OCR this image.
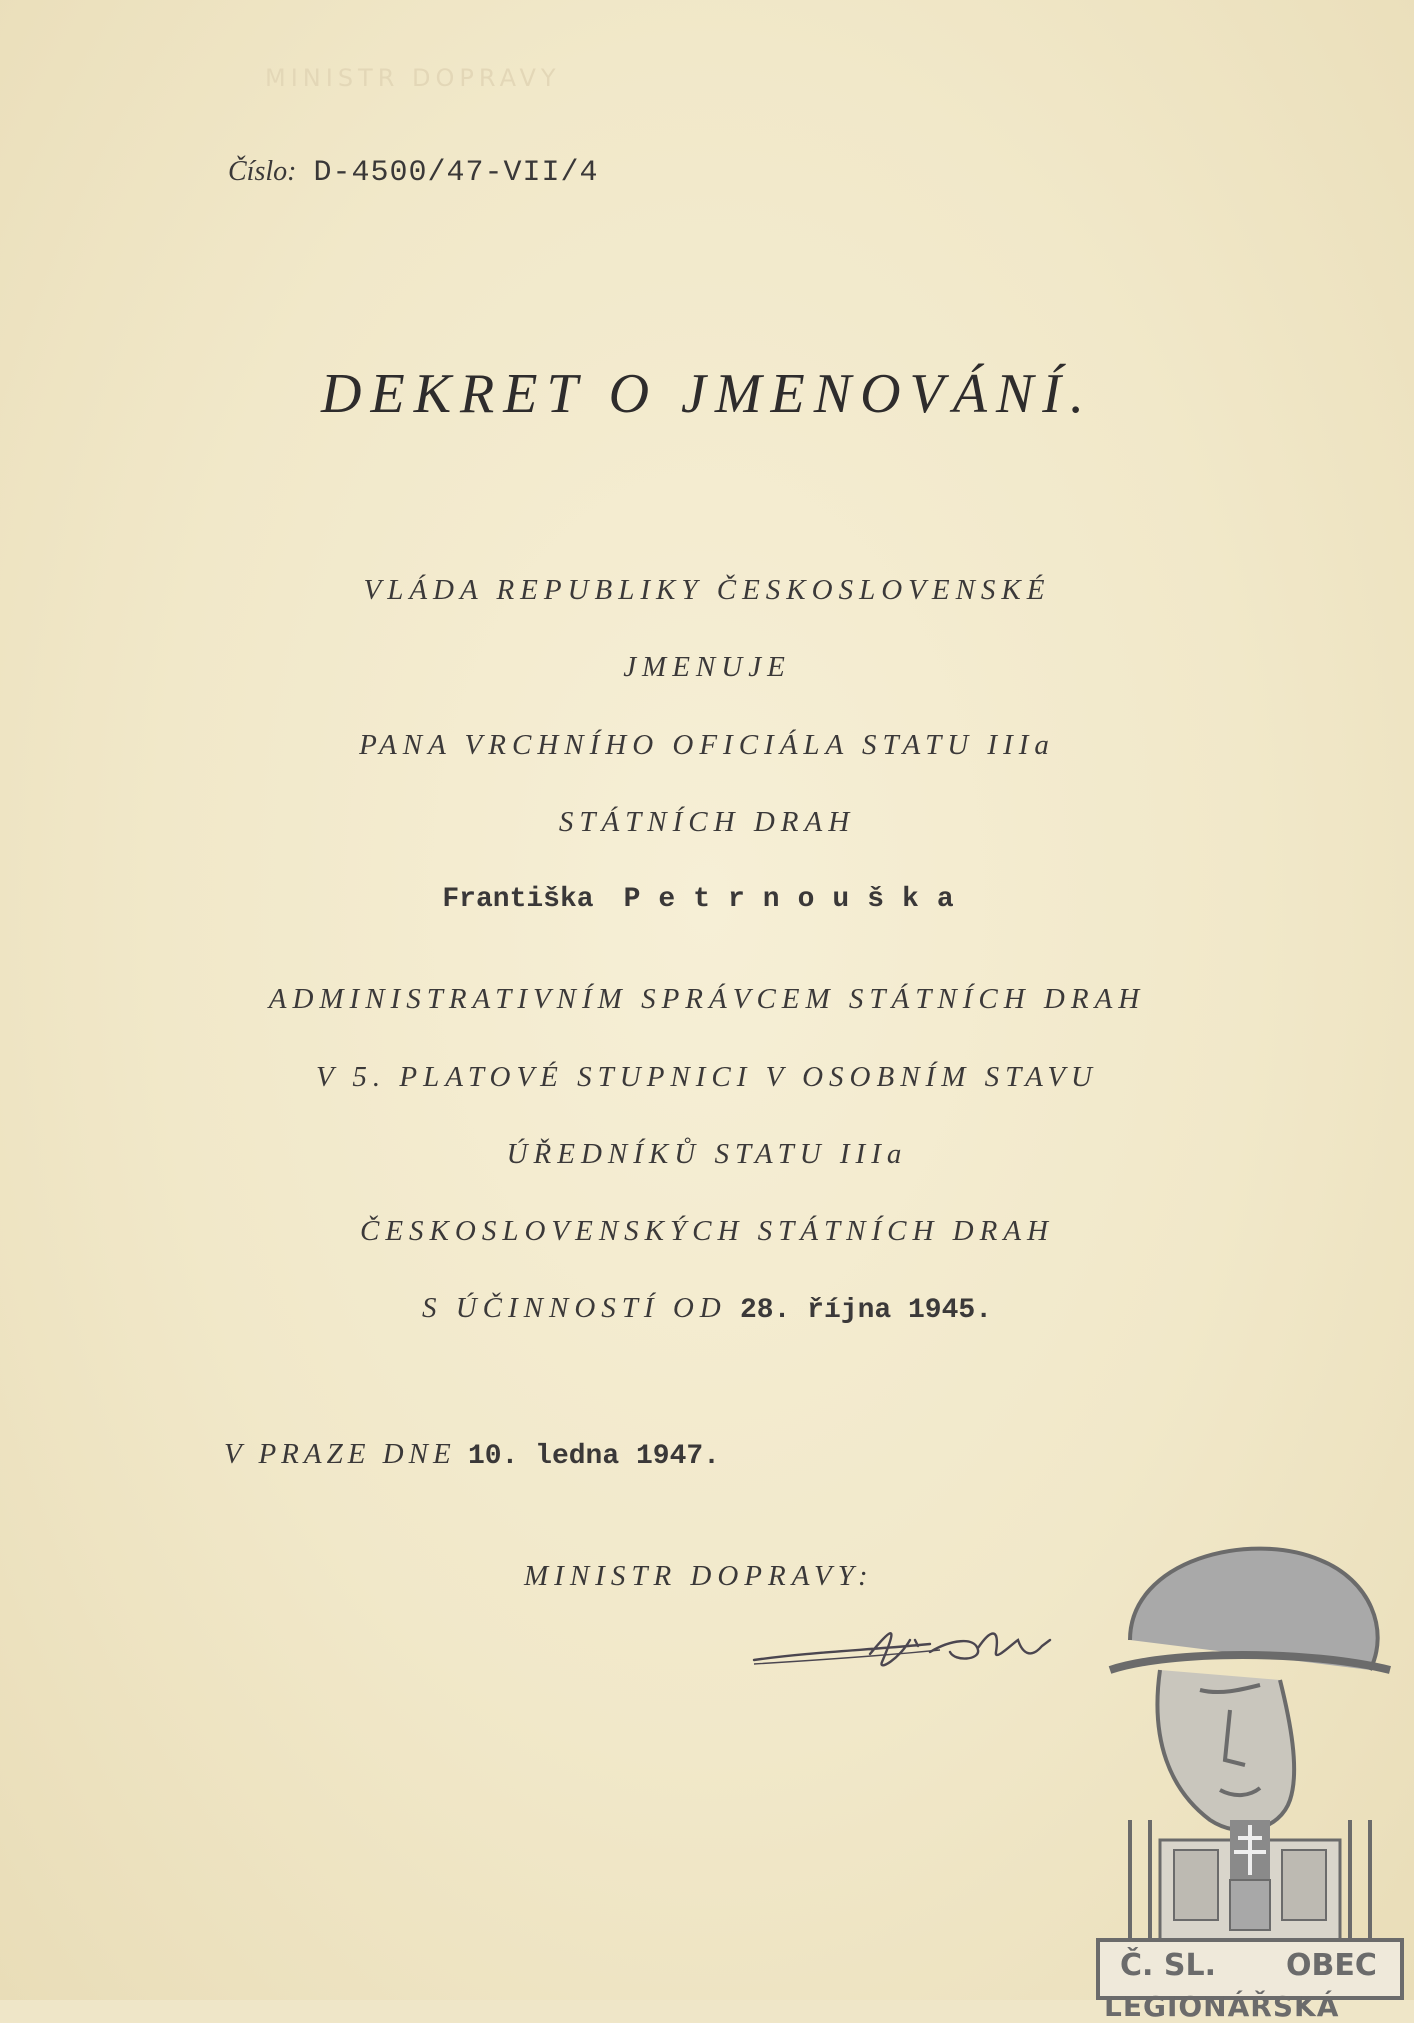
MINISTR DOPRAVY
Číslo: D-4500/47-VII/4
DEKRET O JMENOVÁNÍ.
VLÁDA REPUBLIKY ČESKOSLOVENSKÉ
JMENUJE
PANA VRCHNÍHO OFICIÁLA STATU IIIa
STÁTNÍCH DRAH
Františka Petrnouška
ADMINISTRATIVNÍM SPRÁVCEM STÁTNÍCH DRAH
V 5. PLATOVÉ STUPNICI V OSOBNÍM STAVU
ÚŘEDNÍKŮ STATU IIIa
ČESKOSLOVENSKÝCH STÁTNÍCH DRAH
S ÚČINNOSTÍ OD 28. října 1945.
V PRAZE DNE 10. ledna 1947.
MINISTR DOPRAVY:
Č. SL.	OBEC
LEGIONÁŘSKÁ
